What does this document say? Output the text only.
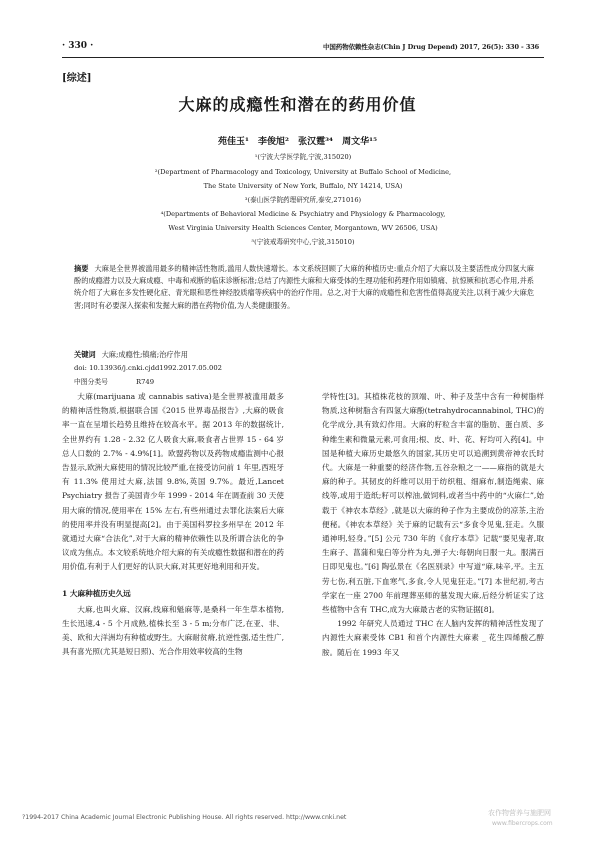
· 330 ·	中国药物依赖性杂志(Chin J Drug Depend) 2017, 26(5): 330 - 336
[综述]
大麻的成瘾性和潜在的药用价值
苑佳玉¹ 李俊旭² 张汉霆³⁴ 周文华¹⁵
¹(宁波大学医学院,宁波,315020)
²(Department of Pharmacology and Toxicology, University at Buffalo School of Medicine,
The State University of New York, Buffalo, NY 14214, USA)
³(泰山医学院药理研究所,泰安,271016)
⁴(Departments of Behavioral Medicine & Psychiatry and Physiology & Pharmacology,
West Virginia University Health Sciences Center, Morgantown, WV 26506, USA)
⁵(宁波戒毒研究中心,宁波,315010)
摘要 大麻是全世界被滥用最多的精神活性物质,滥用人数快速增长。本文系统回顾了大麻的种植历史:重点介绍了大麻以及主要活性成分四氢大麻酚的成瘾潜力以及大麻成瘾、中毒和戒断的临床诊断标准;总结了内源性大麻和大麻受体的生理功能和药理作用如镇痛、抗惊厥和抗恶心作用,并系统介绍了大麻在多发性硬化症、青光眼和恶性神经胶质瘤等疾病中的治疗作用。总之,对于大麻的成瘾性和危害性值得高度关注,以利于减少大麻危害;同时有必要深入探索和发掘大麻的潜在药物价值,为人类健康服务。
关键词 大麻;成瘾性;镇痛;治疗作用
doi: 10.13936/j.cnki.cjdd1992.2017.05.002
中图分类号	R749

大麻(marijuana 或 cannabis sativa)是全世界被滥用最多的精神活性物质,根据联合国《2015 世界毒品报告》,大麻的吸食率一直在呈增长趋势且维持在较高水平。据 2013 年的数据统计,全世界约有 1.28 - 2.32 亿人吸食大麻,吸食者占世界 15 - 64 岁总人口数的 2.7% - 4.9%[1]。欧盟药物以及药物成瘾监测中心报告显示,欧洲大麻使用的情况比较严重,在接受访问前 1 年里,西班牙有 11.3% 使用过大麻,法国 9.8%,英国 9.7%。最近,Lancet Psychiatry 报告了美国青少年 1999 - 2014 年在调查前 30 天使用大麻的情况,使用率在 15% 左右,有些州通过去罪化法案后大麻的使用率并没有明显提高[2]。由于美国科罗拉多州早在 2012 年就通过大麻“合法化”,对于大麻的精神依赖性以及所谓合法化的争议成为焦点。本文较系统地介绍大麻的有关成瘾性数据和潜在的药用价值,有利于人们更好的认识大麻,对其更好地利用和开发。

1 大麻种植历史久远

大麻,也叫火麻、汉麻,线麻和魁麻等,是桑科一年生草本植物,生长迅速,4 - 5 个月成熟,植株长至 3 - 5 m;分布广泛,在亚、非、美、欧和大洋洲均有种植或野生。大麻耐贫瘠,抗逆性强,适生性广,具有喜光照(尤其是短日照)、光合作用效率较高的生物

学特性[3]。其植株花枝的顶端、叶、种子及茎中含有一种树脂样物质,这种树脂含有四氢大麻酚(tetrahydrocannabinol, THC)的化学成分,具有致幻作用。大麻的籽粒含丰富的脂肪、蛋白质、多种维生素和微量元素,可食用;根、皮、叶、花、籽均可入药[4]。中国是种植大麻历史最悠久的国家,其历史可以追溯到黄帝神农氏时代。大麻是一种重要的经济作物,五谷杂粮之一——麻指的就是大麻的种子。其韧皮的纤维可以用于纺织粗、细麻布,制造绳索、麻线等,或用于造纸;籽可以榨油,做饲料,或者当中药中的“火麻仁”,始载于《神农本草经》,就是以大麻的种子作为主要成份的凉茶,主治便秘。《神农本草经》关于麻的记载有云“多食令见鬼,狂走。久服通神明,轻身。”[5] 公元 730 年的《食疗本草》记载“要见鬼者,取生麻子、菖蒲和鬼臼等分杵为丸,弹子大:每朝向日服一丸。服满百日即见鬼也。”[6] 陶弘景在《名医别录》中写道“麻,味辛,平。主五劳七伤,利五脏,下血寒气,多食,令人见鬼狂走。”[7] 本世纪初,考古学家在一座 2700 年前理葬巫师的墓发现大麻,后经分析证实了这些植物中含有 THC,成为大麻最古老的实物证据[8]。

1992 年研究人员通过 THC 在人脑内发挥的精神活性发现了内源性大麻素受体 CB1 和首个内源性大麻素 _ 花生四烯酸乙醇胺。随后在 1993 年又

?1994-2017 China Academic Journal Electronic Publishing House. All rights reserved. http://www.cnki.net
农作物营养与施肥网
www.fibercrops.com
